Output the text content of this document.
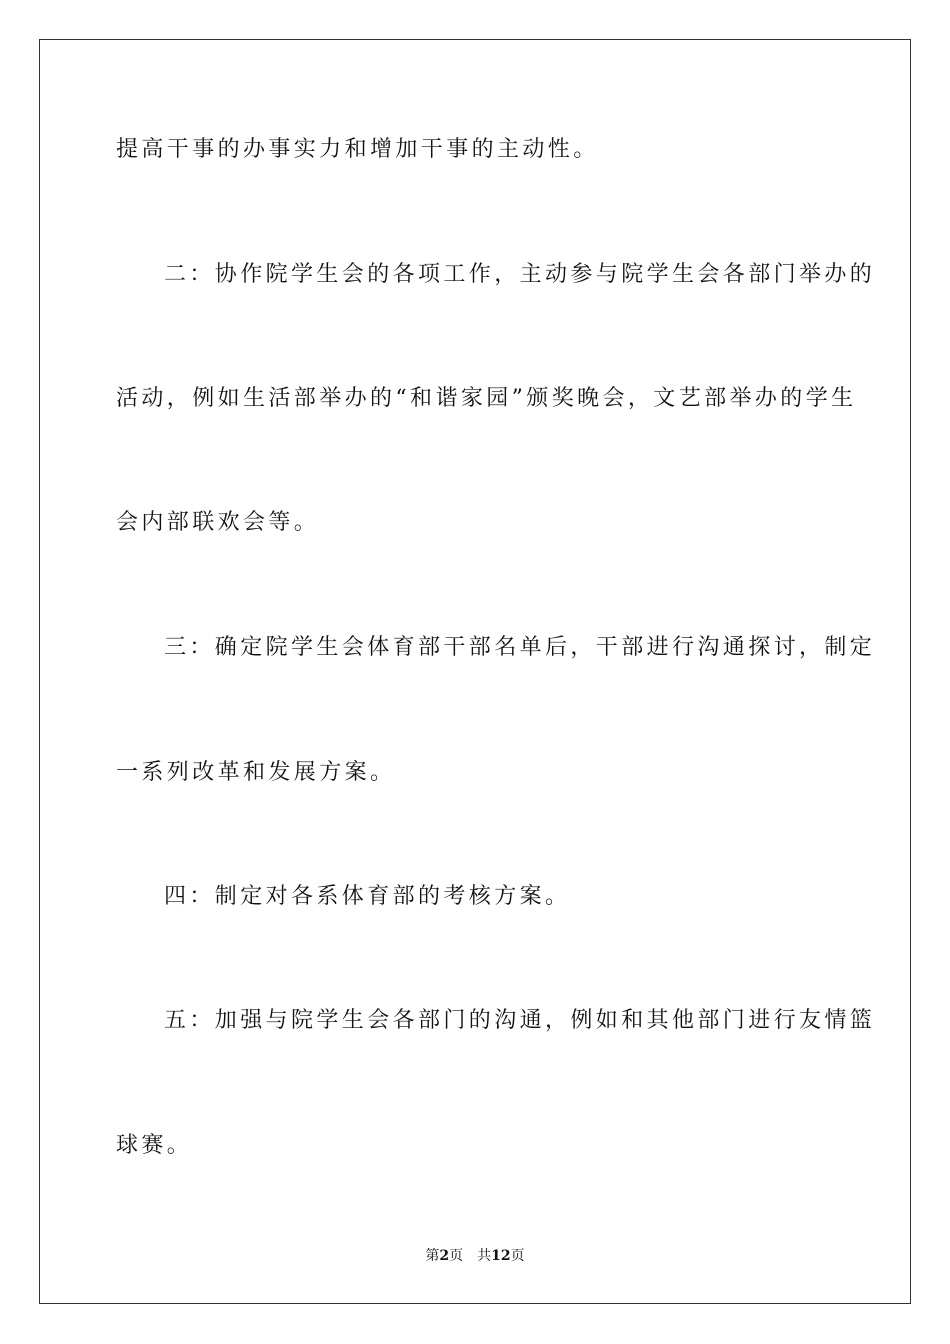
提高干事的办事实力和增加干事的主动性。
二：协作院学生会的各项工作，主动参与院学生会各部门举办的
活动，例如生活部举办的“和谐家园”颁奖晚会，文艺部举办的学生
会内部联欢会等。
三：确定院学生会体育部干部名单后，干部进行沟通探讨，制定
一系列改革和发展方案。
四：制定对各系体育部的考核方案。
五：加强与院学生会各部门的沟通，例如和其他部门进行友情篮
球赛。
第2页 共12页
